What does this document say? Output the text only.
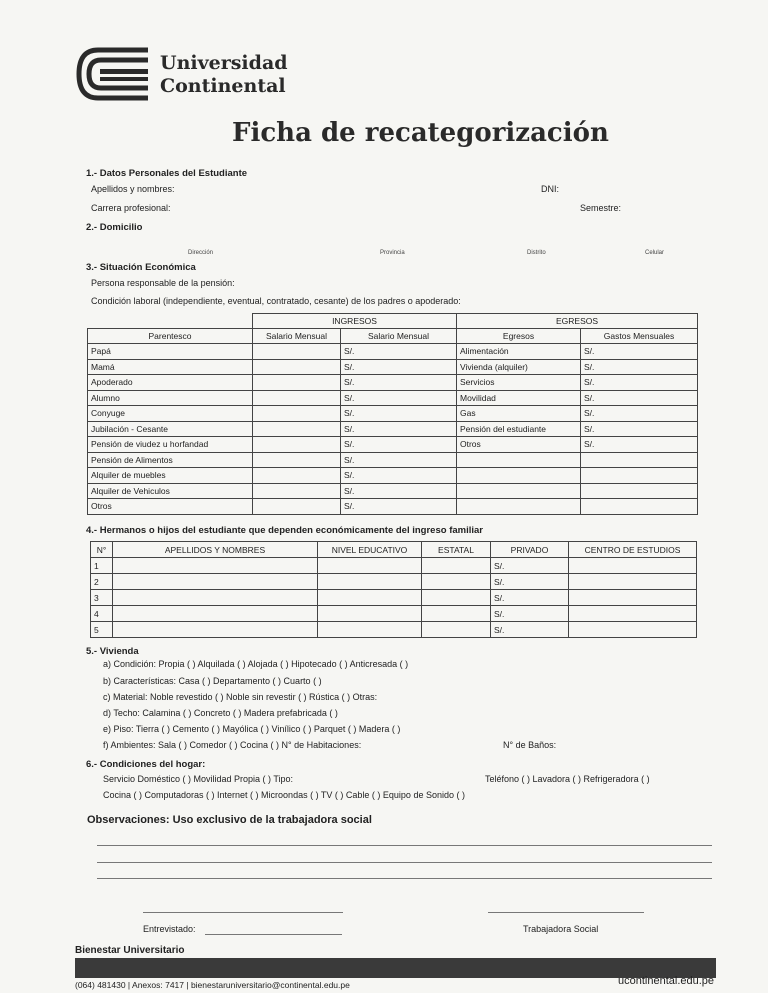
Universidad
Continental
Ficha de recategorización
1.- Datos Personales del Estudiante
Apellidos y nombres:	DNI:
Carrera profesional:	Semestre:
2.- Domicilio
Dirección	Provincia	Distrito	Celular
3.- Situación Económica
Persona responsable de la pensión:
Condición laboral (independiente, eventual, contratado, cesante) de los padres o apoderado:
	INGRESOS		EGRESOS	
Parentesco	Salario Mensual	Salario Mensual	Egresos	Gastos Mensuales
Papá		S/.	Alimentación	S/.
Mamá		S/.	Vivienda (alquiler)	S/.
Apoderado		S/.	Servicios	S/.
Alumno		S/.	Movilidad	S/.
Conyuge		S/.	Gas	S/.
Jubilación - Cesante		S/.	Pensión del estudiante	S/.
Pensión de viudez u horfandad		S/.	Otros	S/.
Pensión de Alimentos		S/.		
Alquiler de muebles		S/.		
Alquiler de Vehiculos		S/.		
Otros		S/.		
4.- Hermanos o hijos del estudiante que dependen económicamente del ingreso familiar
N°	APELLIDOS Y NOMBRES	NIVEL EDUCATIVO	ESTATAL	PRIVADO	CENTRO DE ESTUDIOS
1				S/.	
2				S/.	
3				S/.	
4				S/.	
5				S/.	
5.- Vivienda
a) Condición: Propia ( ) Alquilada ( ) Alojada ( ) Hipotecado ( ) Anticresada ( )
b) Características: Casa ( ) Departamento ( ) Cuarto ( )
c) Material: Noble revestido ( ) Noble sin revestir ( ) Rústica ( ) Otras:
d) Techo: Calamina ( ) Concreto ( ) Madera prefabricada ( )
e) Piso: Tierra ( ) Cemento ( ) Mayólica ( ) Vinílico ( ) Parquet ( ) Madera ( )
f) Ambientes: Sala ( ) Comedor ( ) Cocina ( ) N° de Habitaciones:	N° de Baños:
6.- Condiciones del hogar:
Servicio Doméstico ( ) Movilidad Propia ( ) Tipo:	Teléfono ( ) Lavadora ( ) Refrigeradora ( )
Cocina ( ) Computadoras ( ) Internet ( ) Microondas ( ) TV ( ) Cable ( ) Equipo de Sonido ( )
Observaciones: Uso exclusivo de la trabajadora social
Entrevistado:	Trabajadora Social
Bienestar Universitario
(064) 481430 | Anexos: 7417 | bienestaruniversitario@continental.edu.pe	ucontinental.edu.pe
